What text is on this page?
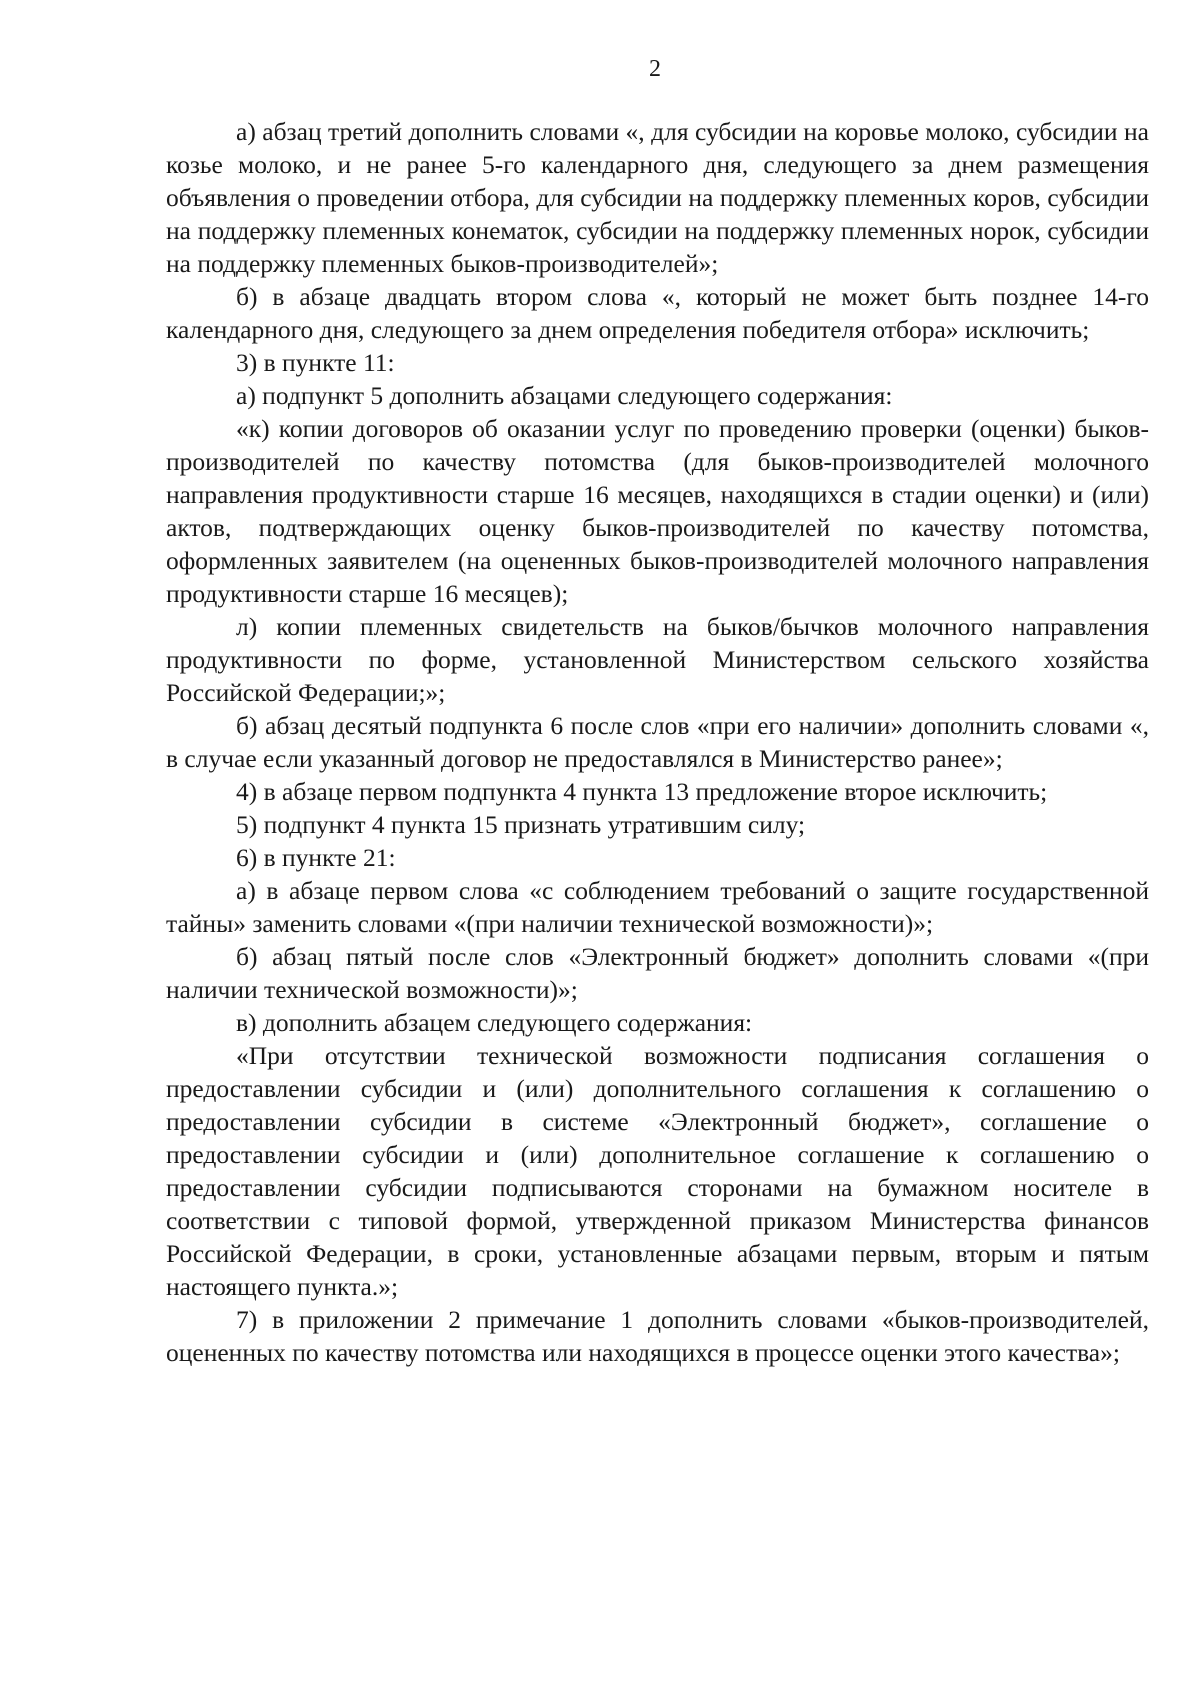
2

а) абзац третий дополнить словами «, для субсидии на коровье молоко, субсидии на козье молоко, и не ранее 5-го календарного дня, следующего за днем размещения объявления о проведении отбора, для субсидии на поддержку племенных коров, субсидии на поддержку племенных конематок, субсидии на поддержку племенных норок, субсидии на поддержку племенных быков-производителей»;

б) в абзаце двадцать втором слова «, который не может быть позднее 14-го календарного дня, следующего за днем определения победителя отбора» исключить;

3) в пункте 11:

а) подпункт 5 дополнить абзацами следующего содержания:

«к) копии договоров об оказании услуг по проведению проверки (оценки) быков-производителей по качеству потомства (для быков-производителей молочного направления продуктивности старше 16 месяцев, находящихся в стадии оценки) и (или) актов, подтверждающих оценку быков-производителей по качеству потомства, оформленных заявителем (на оцененных быков-производителей молочного направления продуктивности старше 16 месяцев);

л) копии племенных свидетельств на быков/бычков молочного направления продуктивности по форме, установленной Министерством сельского хозяйства Российской Федерации;»;

б) абзац десятый подпункта 6 после слов «при его наличии» дополнить словами «, в случае если указанный договор не предоставлялся в Министерство ранее»;

4) в абзаце первом подпункта 4 пункта 13 предложение второе исключить;

5) подпункт 4 пункта 15 признать утратившим силу;

6) в пункте 21:

а) в абзаце первом слова «с соблюдением требований о защите государственной тайны» заменить словами «(при наличии технической возможности)»;

б) абзац пятый после слов «Электронный бюджет» дополнить словами «(при наличии технической возможности)»;

в) дополнить абзацем следующего содержания:

«При отсутствии технической возможности подписания соглашения о предоставлении субсидии и (или) дополнительного соглашения к соглашению о предоставлении субсидии в системе «Электронный бюджет», соглашение о предоставлении субсидии и (или) дополнительное соглашение к соглашению о предоставлении субсидии подписываются сторонами на бумажном носителе в соответствии с типовой формой, утвержденной приказом Министерства финансов Российской Федерации, в сроки, установленные абзацами первым, вторым и пятым настоящего пункта.»;

7) в приложении 2 примечание 1 дополнить словами «быков-производителей, оцененных по качеству потомства или находящихся в процессе оценки этого качества»;
